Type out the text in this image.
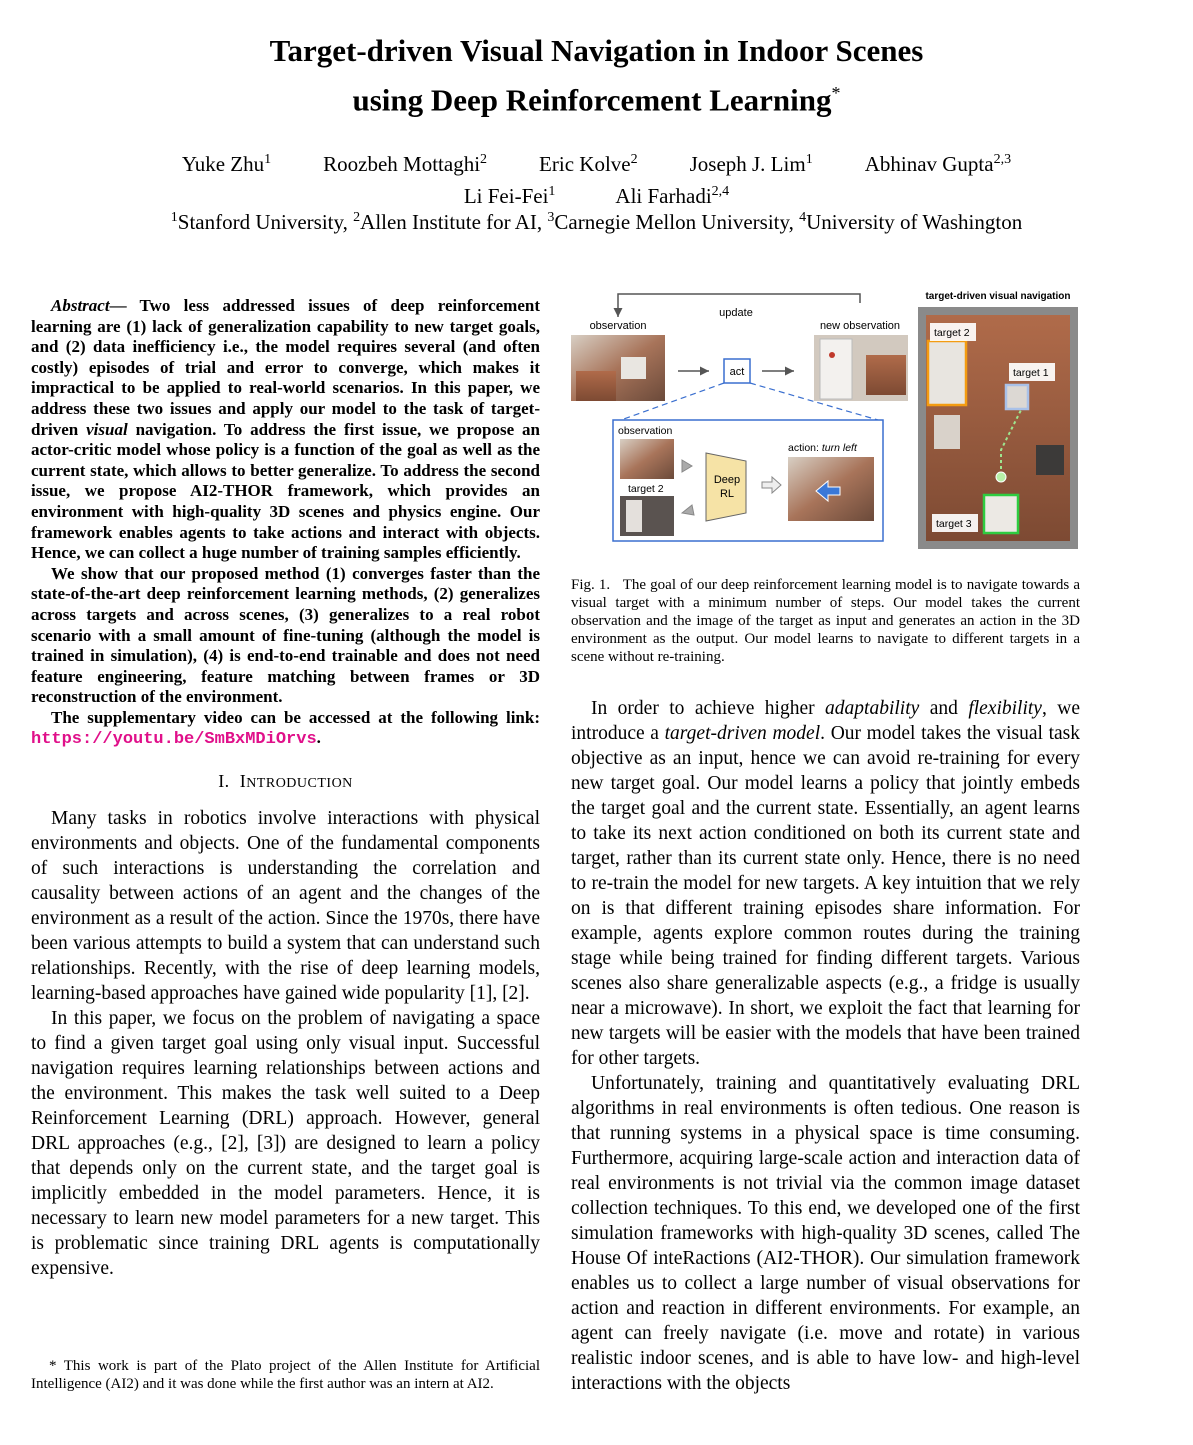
Target-driven Visual Navigation in Indoor Scenes
using Deep Reinforcement Learning*
Yuke Zhu$^1$ Roozbeh Mottaghi$^2$ Eric Kolve$^2$ Joseph J. Lim$^1$ Abhinav Gupta$^{2,3}$
Li Fei-Fei$^1$	Ali Farhadi$^{2,4}$
$^1$Stanford University, $^2$Allen Institute for AI, $^3$Carnegie Mellon University, $^4$University of Washington

Abstract— Two less addressed issues of deep reinforcement learning are (1) lack of generalization capability to new target goals, and (2) data inefficiency i.e., the model requires several (and often costly) episodes of trial and error to converge, which makes it impractical to be applied to real-world scenarios. In this paper, we address these two issues and apply our model to the task of target-driven visual navigation. To address the first issue, we propose an actor-critic model whose policy is a function of the goal as well as the current state, which allows to better generalize. To address the second issue, we propose AI2-THOR framework, which provides an environment with high-quality 3D scenes and physics engine. Our framework enables agents to take actions and interact with objects. Hence, we can collect a huge number of training samples efficiently.

We show that our proposed method (1) converges faster than the state-of-the-art deep reinforcement learning methods, (2) generalizes across targets and across scenes, (3) generalizes to a real robot scenario with a small amount of fine-tuning (although the model is trained in simulation), (4) is end-to-end trainable and does not need feature engineering, feature matching between frames or 3D reconstruction of the environment.

The supplementary video can be accessed at the following link: https://youtu.be/SmBxMDiOrvs.

I. INTRODUCTION

Many tasks in robotics involve interactions with physical environments and objects. One of the fundamental components of such interactions is understanding the correlation and causality between actions of an agent and the changes of the environment as a result of the action. Since the 1970s, there have been various attempts to build a system that can understand such relationships. Recently, with the rise of deep learning models, learning-based approaches have gained wide popularity [1], [2].

In this paper, we focus on the problem of navigating a space to find a given target goal using only visual input. Successful navigation requires learning relationships between actions and the environment. This makes the task well suited to a Deep Reinforcement Learning (DRL) approach. However, general DRL approaches (e.g., [2], [3]) are designed to learn a policy that depends only on the current state, and the target goal is implicitly embedded in the model parameters. Hence, it is necessary to learn new model parameters for a new target. This is problematic since training DRL agents is computationally expensive.

* This work is part of the Plato project of the Allen Institute for Artificial Intelligence (AI2) and it was done while the first author was an intern at AI2.
update
observation
act
new observation
observation
target 2
Deep
RL
action: turn left
target-driven visual navigation
target 2
target 1
target 3
Fig. 1. The goal of our deep reinforcement learning model is to navigate towards a visual target with a minimum number of steps. Our model takes the current observation and the image of the target as input and generates an action in the 3D environment as the output. Our model learns to navigate to different targets in a scene without re-training.

In order to achieve higher adaptability and flexibility, we introduce a target-driven model. Our model takes the visual task objective as an input, hence we can avoid re-training for every new target goal. Our model learns a policy that jointly embeds the target goal and the current state. Essentially, an agent learns to take its next action conditioned on both its current state and target, rather than its current state only. Hence, there is no need to re-train the model for new targets. A key intuition that we rely on is that different training episodes share information. For example, agents explore common routes during the training stage while being trained for finding different targets. Various scenes also share generalizable aspects (e.g., a fridge is usually near a microwave). In short, we exploit the fact that learning for new targets will be easier with the models that have been trained for other targets.

Unfortunately, training and quantitatively evaluating DRL algorithms in real environments is often tedious. One reason is that running systems in a physical space is time consuming. Furthermore, acquiring large-scale action and interaction data of real environments is not trivial via the common image dataset collection techniques. To this end, we developed one of the first simulation frameworks with high-quality 3D scenes, called The House Of inteRactions (AI2-THOR). Our simulation framework enables us to collect a large number of visual observations for action and reaction in different environments. For example, an agent can freely navigate (i.e. move and rotate) in various realistic indoor scenes, and is able to have low- and high-level interactions with the objects
